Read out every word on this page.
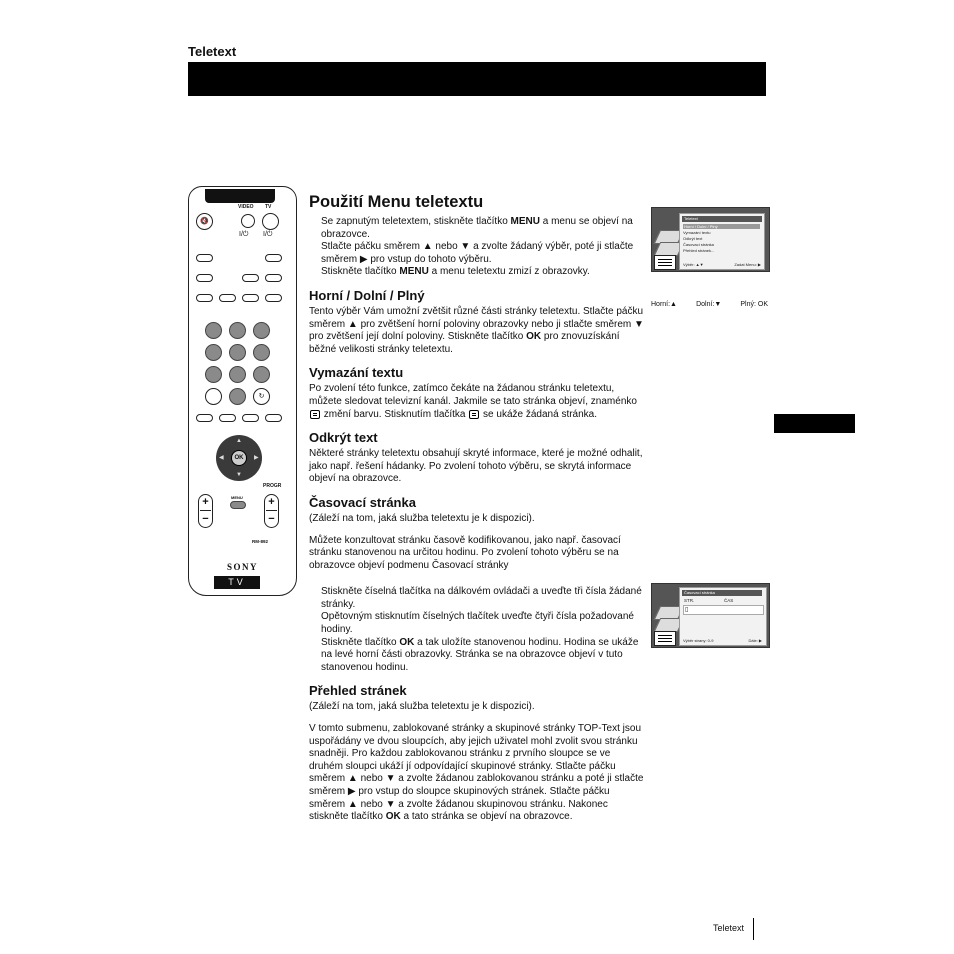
Teletext
VIDEO TV
🔇
I/⏻ I/⏻
↻
▲
▼
◀	▶
OK
PROGR
+
−
+
−
MENU
RM-892
SONY
TV
Použití Menu teletextu

Se zapnutým teletextem, stiskněte tlačítko MENU a menu se objeví na obrazovce.

Stlačte páčku směrem ▲ nebo ▼ a zvolte žádaný výběr, poté ji stlačte směrem ▶ pro vstup do tohoto výběru.

Stiskněte tlačítko MENU a menu teletextu zmizí z obrazovky.

Horní / Dolní / Plný

Tento výběr Vám umožní zvětšit různé části stránky teletextu. Stlačte páčku směrem ▲ pro zvětšení horní poloviny obrazovky nebo ji stlačte směrem ▼ pro zvětšení její dolní poloviny. Stiskněte tlačítko OK pro znovuzískání běžné velikosti stránky teletextu.

Vymazání textu

Po zvolení této funkce, zatímco čekáte na žádanou stránku teletextu, můžete sledovat televizní kanál. Jakmile se tato stránka objeví, znaménko  změní barvu. Stisknutím tlačítka  se ukáže žádaná stránka.

Odkrýt text

Některé stránky teletextu obsahují skryté informace, které je možné odhalit, jako např. řešení hádanky. Po zvolení tohoto výběru, se skrytá informace objeví na obrazovce.

Časovací stránka

(Záleží na tom, jaká služba teletextu je k dispozici).

Můžete konzultovat stránku časově kodifikovanou, jako např. časovací stránku stanovenou na určitou hodinu. Po zvolení tohoto výběru se na obrazovce objeví podmenu Časovací stránky

Stiskněte číselná tlačítka na dálkovém ovládači a uveďte tři čísla žádané stránky.

Opětovným stisknutím číselných tlačítek uveďte čtyři čísla požadované hodiny.

Stiskněte tlačítko OK a tak uložíte stanovenou hodinu. Hodina se ukáže na levé horní části obrazovky. Stránka se na obrazovce objeví v tuto stanovenou hodinu.

Přehled stránek

(Záleží na tom, jaká služba teletextu je k dispozici).

V tomto submenu, zablokované stránky a skupinové stránky TOP-Text jsou uspořádány ve dvou sloupcích, aby jejich uživatel mohl zvolit svou stránku snadněji. Pro každou zablokovanou stránku z prvního sloupce se ve druhém sloupci ukáží jí odpovídající skupinové stránky. Stlačte páčku směrem ▲ nebo ▼ a zvolte žádanou zablokovanou stránku a poté ji stlačte směrem ▶ pro vstup do sloupce skupinových stránek. Stlačte páčku směrem ▲ nebo ▼ a zvolte žádanou skupinovou stránku. Nakonec stiskněte tlačítko OK a tato stránka se objeví na obrazovce.

Teletext
Horní / Dolní / Plný
Vymazání textu
Odkrýt text
Časovací stránka
Přehled stránek...
Výběr: ▲▼	Zadat Menu: ▶
Horní:▲	Dolní:▼	Plný: OK
Časovací stránka
STR.	ČAS
▯
Výběr strany: 0-9	Dále: ▶
Teletext
